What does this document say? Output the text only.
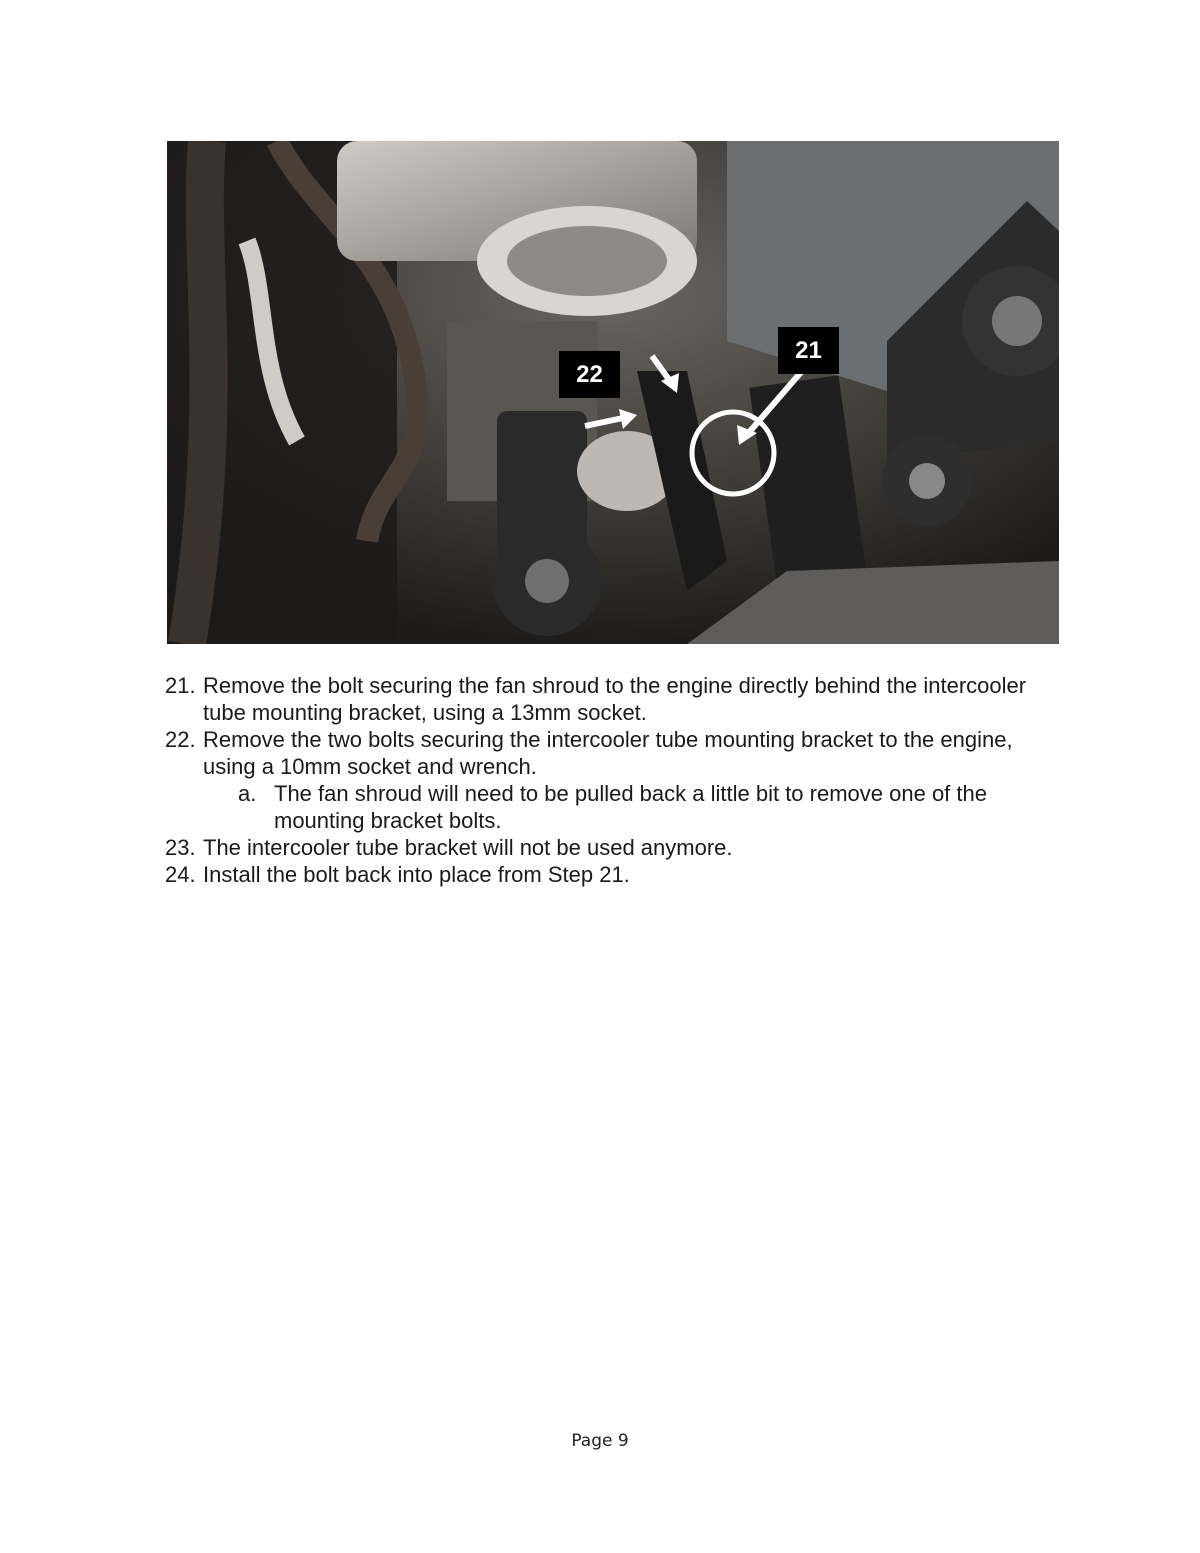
21
22
21. Remove the bolt securing the fan shroud to the engine directly behind the intercooler tube mounting bracket, using a 13mm socket.
22. Remove the two bolts securing the intercooler tube mounting bracket to the engine, using a 10mm socket and wrench.
a. The fan shroud will need to be pulled back a little bit to remove one of the mounting bracket bolts.
23. The intercooler tube bracket will not be used anymore.
24. Install the bolt back into place from Step 21.
Page 9
